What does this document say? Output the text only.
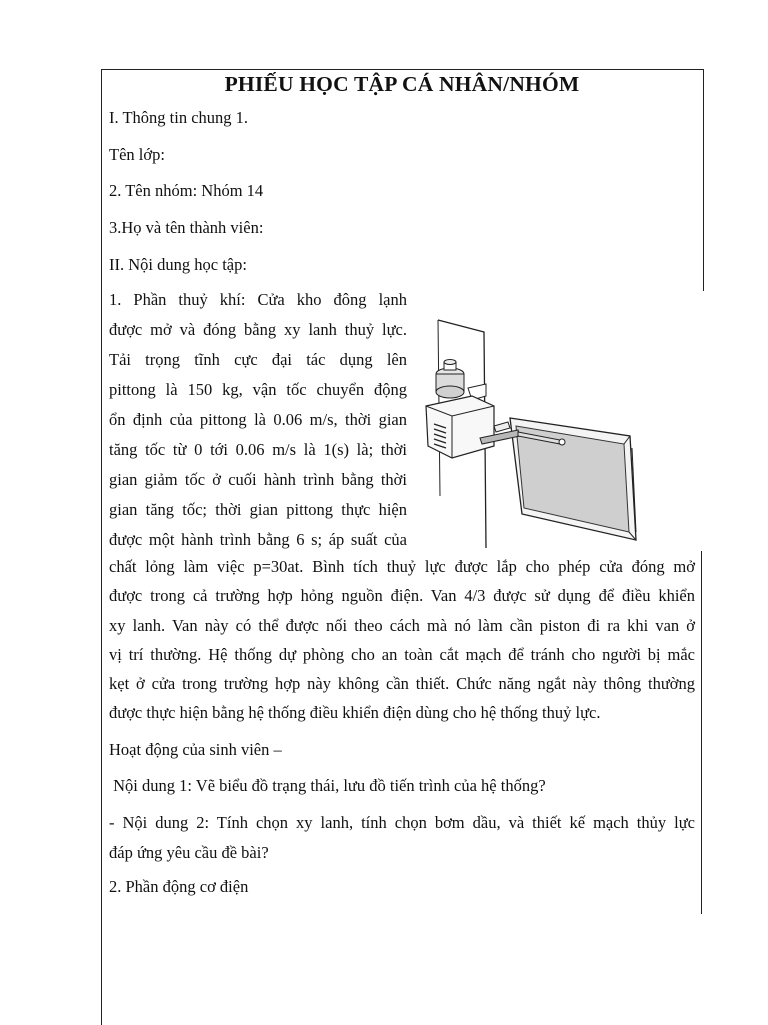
PHIẾU HỌC TẬP CÁ NHÂN/NHÓM
I. Thông tin chung 1.
Tên lớp:
2. Tên nhóm: Nhóm 14
3.Họ và tên thành viên:
II. Nội dung học tập:
1. Phần thuỷ khí: Cửa kho đông lạnh
được mở và đóng bằng xy lanh thuỷ lực.
Tải trọng tĩnh cực đại tác dụng lên
pittong là 150 kg, vận tốc chuyển động
ổn định của pittong là 0.06 m/s, thời gian
tăng tốc từ 0 tới 0.06 m/s là 1(s) là; thời
gian giảm tốc ở cuối hành trình bằng thời
gian tăng tốc; thời gian pittong thực hiện
được một hành trình bằng 6 s; áp suất của
chất lỏng làm việc p=30at. Bình tích thuỷ lực được lắp cho phép cửa đóng mở
được trong cả trường hợp hỏng nguồn điện. Van 4/3 được sử dụng để điều khiển
xy lanh. Van này có thể được nối theo cách mà nó làm cần piston đi ra khi van ở
vị trí thường. Hệ thống dự phòng cho an toàn cắt mạch để tránh cho người bị mắc
kẹt ở cửa trong trường hợp này không cần thiết. Chức năng ngắt này thông thường
được thực hiện bằng hệ thống điều khiển điện dùng cho hệ thống thuỷ lực.
Hoạt động của sinh viên –
Nội dung 1: Vẽ biểu đồ trạng thái, lưu đồ tiến trình của hệ thống?
- Nội dung 2: Tính chọn xy lanh, tính chọn bơm dầu, và thiết kế mạch thủy lực
đáp ứng yêu cầu đề bài?
2. Phần động cơ điện
